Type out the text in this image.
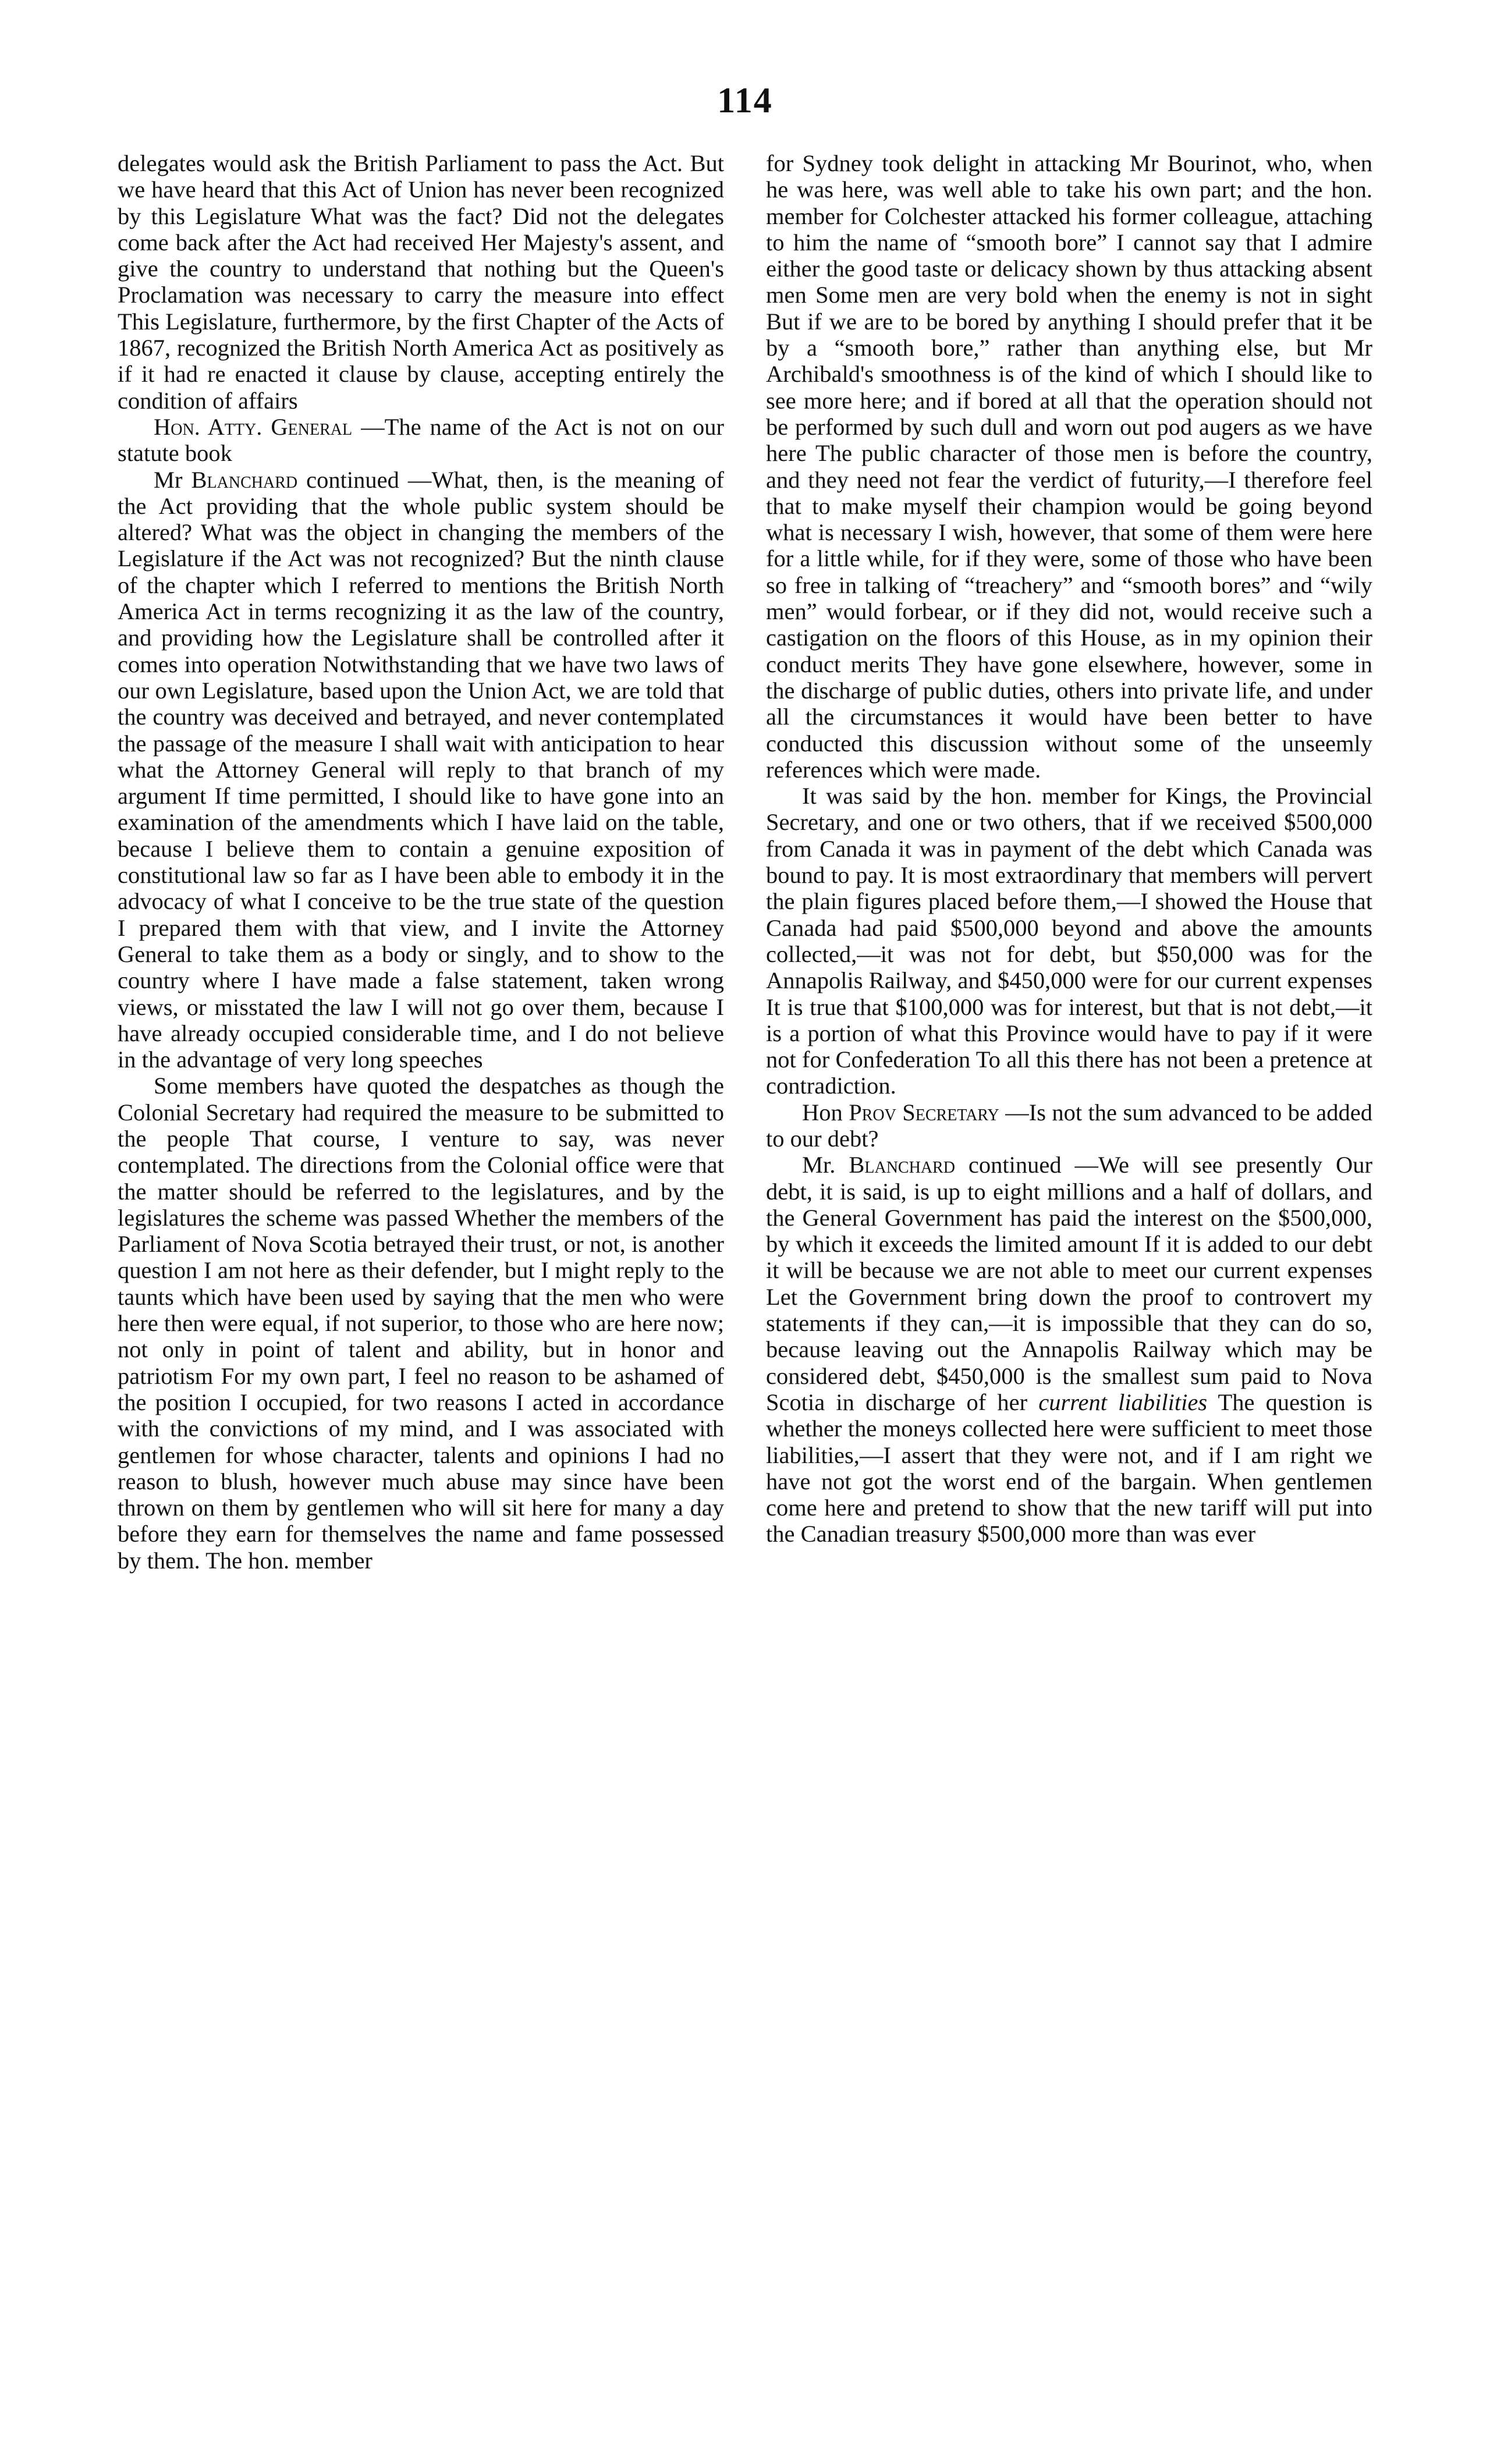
114

delegates would ask the British Parliament to pass the Act. But we have heard that this Act of Union has never been recognized by this Legislature What was the fact? Did not the delegates come back after the Act had received Her Majesty's assent, and give the country to understand that nothing but the Queen's Proclamation was necessary to carry the measure into effect This Legislature, furthermore, by the first Chapter of the Acts of 1867, recognized the British North America Act as positively as if it had re enacted it clause by clause, accepting entirely the condition of affairs

Hon. Atty. General —The name of the Act is not on our statute book

Mr Blanchard continued —What, then, is the meaning of the Act providing that the whole public system should be altered? What was the object in changing the members of the Legislature if the Act was not recognized? But the ninth clause of the chapter which I referred to mentions the British North America Act in terms recognizing it as the law of the country, and providing how the Legislature shall be controlled after it comes into operation Notwithstanding that we have two laws of our own Legislature, based upon the Union Act, we are told that the country was deceived and betrayed, and never contemplated the passage of the measure I shall wait with anticipation to hear what the Attorney General will reply to that branch of my argument If time permitted, I should like to have gone into an examination of the amendments which I have laid on the table, because I believe them to contain a genuine exposition of constitutional law so far as I have been able to embody it in the advocacy of what I conceive to be the true state of the question I prepared them with that view, and I invite the Attorney General to take them as a body or singly, and to show to the country where I have made a false statement, taken wrong views, or misstated the law I will not go over them, because I have already occupied considerable time, and I do not believe in the advantage of very long speeches

Some members have quoted the despatches as though the Colonial Secretary had required the measure to be submitted to the people That course, I venture to say, was never contemplated. The directions from the Colonial office were that the matter should be referred to the legislatures, and by the legislatures the scheme was passed Whether the members of the Parliament of Nova Scotia betrayed their trust, or not, is another question I am not here as their defender, but I might reply to the taunts which have been used by saying that the men who were here then were equal, if not superior, to those who are here now; not only in point of talent and ability, but in honor and patriotism For my own part, I feel no reason to be ashamed of the position I occupied, for two reasons I acted in accordance with the convictions of my mind, and I was associated with gentlemen for whose character, talents and opinions I had no reason to blush, however much abuse may since have been thrown on them by gentlemen who will sit here for many a day before they earn for themselves the name and fame possessed by them. The hon. member

for Sydney took delight in attacking Mr Bourinot, who, when he was here, was well able to take his own part; and the hon. member for Colchester attacked his former colleague, attaching to him the name of “smooth bore” I cannot say that I admire either the good taste or delicacy shown by thus attacking absent men Some men are very bold when the enemy is not in sight But if we are to be bored by anything I should prefer that it be by a “smooth bore,” rather than anything else, but Mr Archibald's smoothness is of the kind of which I should like to see more here; and if bored at all that the operation should not be performed by such dull and worn out pod augers as we have here The public character of those men is before the country, and they need not fear the verdict of futurity,—I therefore feel that to make myself their champion would be going beyond what is necessary I wish, however, that some of them were here for a little while, for if they were, some of those who have been so free in talking of “treachery” and “smooth bores” and “wily men” would forbear, or if they did not, would receive such a castigation on the floors of this House, as in my opinion their conduct merits They have gone elsewhere, however, some in the discharge of public duties, others into private life, and under all the circumstances it would have been better to have conducted this discussion without some of the unseemly references which were made.

It was said by the hon. member for Kings, the Provincial Secretary, and one or two others, that if we received $500,000 from Canada it was in payment of the debt which Canada was bound to pay. It is most extraordinary that members will pervert the plain figures placed before them,—I showed the House that Canada had paid $500,000 beyond and above the amounts collected,—it was not for debt, but $50,000 was for the Annapolis Railway, and $450,000 were for our current expenses It is true that $100,000 was for interest, but that is not debt,—it is a portion of what this Province would have to pay if it were not for Confederation To all this there has not been a pretence at contradiction.

Hon Prov Secretary —Is not the sum advanced to be added to our debt?

Mr. Blanchard continued —We will see presently Our debt, it is said, is up to eight millions and a half of dollars, and the General Government has paid the interest on the $500,000, by which it exceeds the limited amount If it is added to our debt it will be because we are not able to meet our current expenses Let the Government bring down the proof to controvert my statements if they can,—it is impossible that they can do so, because leaving out the Annapolis Railway which may be considered debt, $450,000 is the smallest sum paid to Nova Scotia in discharge of her current liabilities The question is whether the moneys collected here were sufficient to meet those liabilities,—I assert that they were not, and if I am right we have not got the worst end of the bargain. When gentlemen come here and pretend to show that the new tariff will put into the Canadian treasury $500,000 more than was ever
